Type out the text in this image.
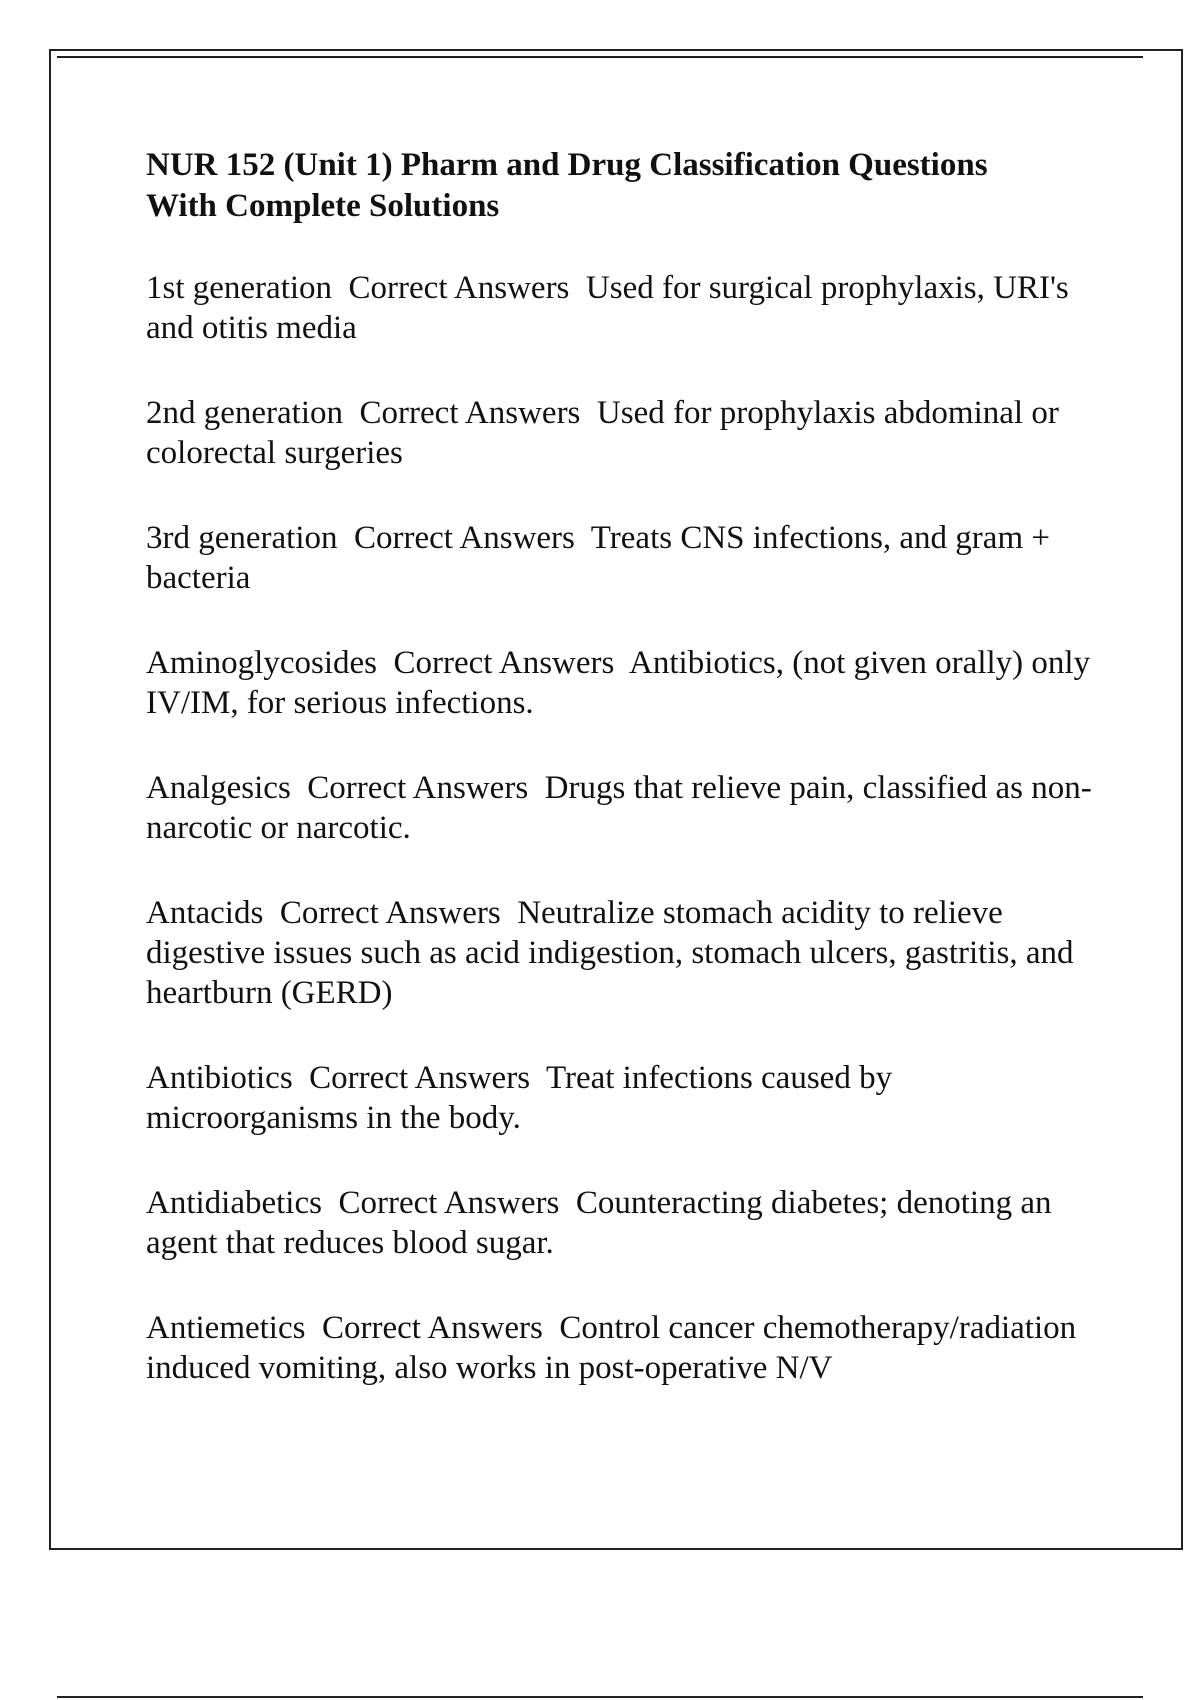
NUR 152 (Unit 1) Pharm and Drug Classification Questions
With Complete Solutions
1st generation Correct Answers Used for surgical prophylaxis, URI's and otitis media
2nd generation Correct Answers Used for prophylaxis abdominal or colorectal surgeries
3rd generation Correct Answers Treats CNS infections, and gram + bacteria
Aminoglycosides Correct Answers Antibiotics, (not given orally) only IV/IM, for serious infections.
Analgesics Correct Answers Drugs that relieve pain, classified as non-narcotic or narcotic.
Antacids Correct Answers Neutralize stomach acidity to relieve digestive issues such as acid indigestion, stomach ulcers, gastritis, and heartburn (GERD)
Antibiotics Correct Answers Treat infections caused by microorganisms in the body.
Antidiabetics Correct Answers Counteracting diabetes; denoting an agent that reduces blood sugar.
Antiemetics Correct Answers Control cancer chemotherapy/radiation induced vomiting, also works in post-operative N/V
